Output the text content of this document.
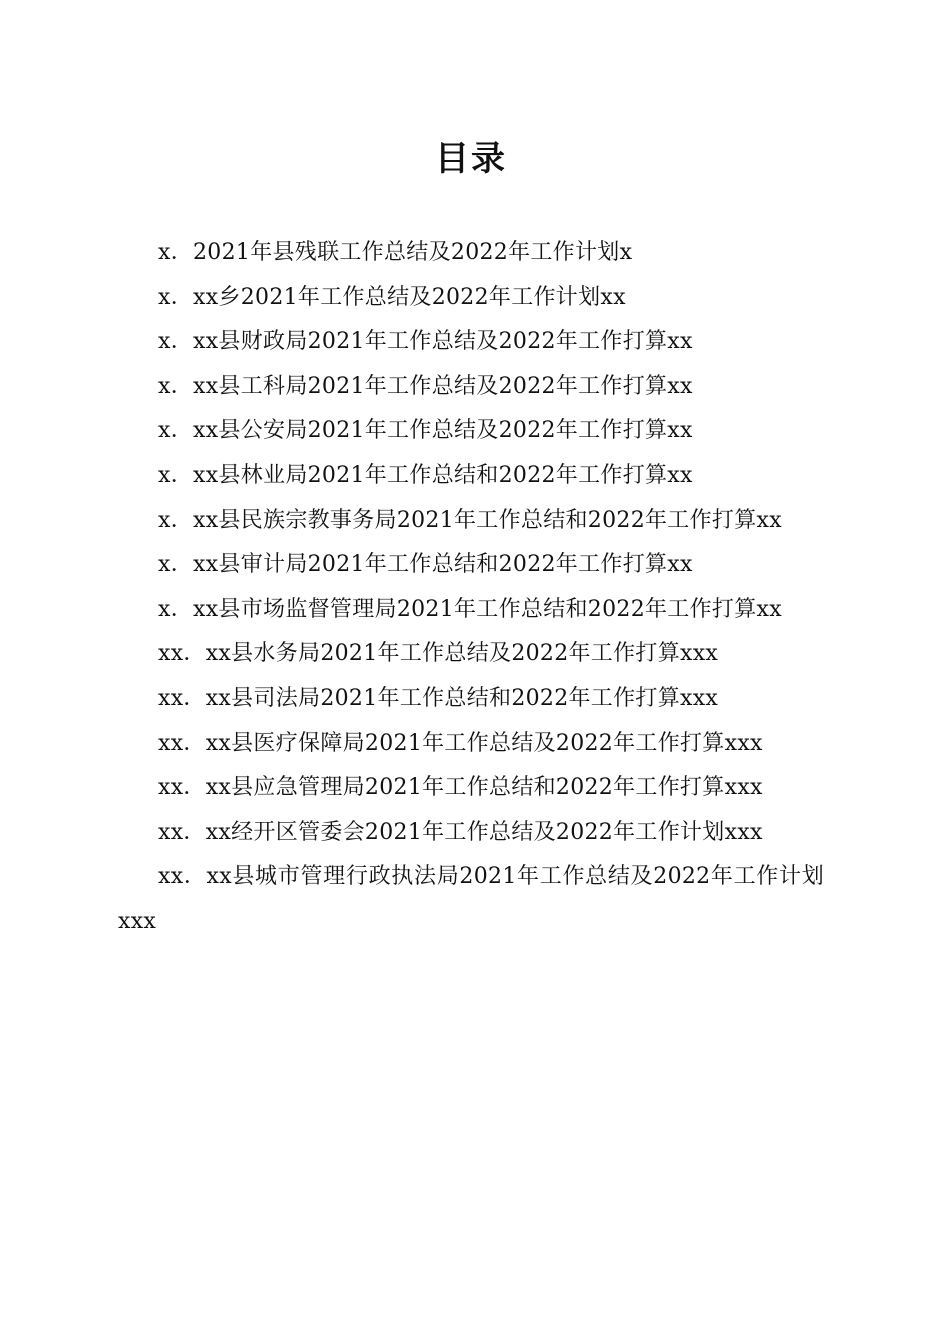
目录
x．2021年县残联工作总结及2022年工作计划x
x．xx乡2021年工作总结及2022年工作计划xx
x．xx县财政局2021年工作总结及2022年工作打算xx
x．xx县工科局2021年工作总结及2022年工作打算xx
x．xx县公安局2021年工作总结及2022年工作打算xx
x．xx县林业局2021年工作总结和2022年工作打算xx
x．xx县民族宗教事务局2021年工作总结和2022年工作打算xx
x．xx县审计局2021年工作总结和2022年工作打算xx
x．xx县市场监督管理局2021年工作总结和2022年工作打算xx
xx．xx县水务局2021年工作总结及2022年工作打算xxx
xx．xx县司法局2021年工作总结和2022年工作打算xxx
xx．xx县医疗保障局2021年工作总结及2022年工作打算xxx
xx．xx县应急管理局2021年工作总结和2022年工作打算xxx
xx．xx经开区管委会2021年工作总结及2022年工作计划xxx
xx．xx县城市管理行政执法局2021年工作总结及2022年工作计划xxx
